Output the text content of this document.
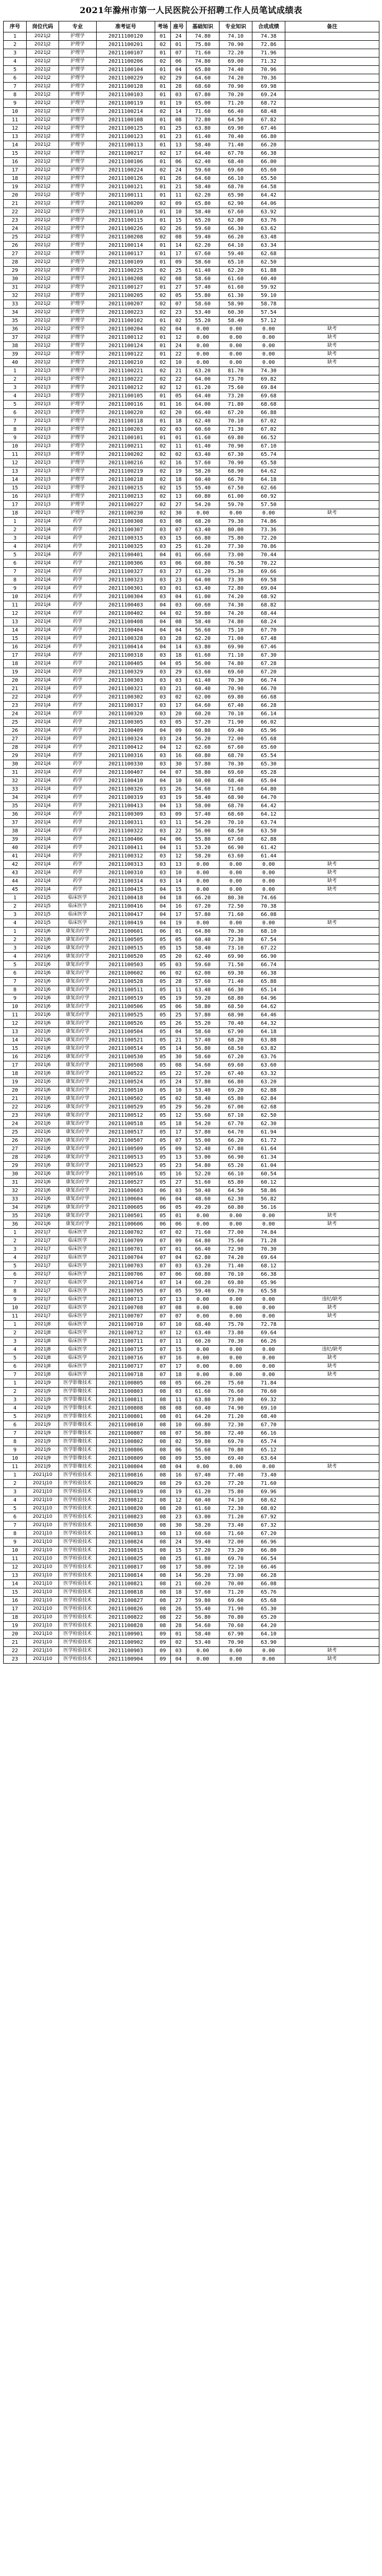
2021年滁州市第一人民医院公开招聘工作人员笔试成绩表
序号	岗位代码	专业	准考证号	考场	座号	基础知识	专业知识	合成成绩	备注
1	2021J2	护理学	20211100120	01	24	74.80	74.10	74.38	
2	2021J2	护理学	20211100201	02	01	75.80	70.90	72.86	
3	2021J2	护理学	20211100107	01	07	71.60	72.20	71.96	
4	2021J2	护理学	20211100206	02	06	74.80	69.00	71.32	
5	2021J2	护理学	20211100104	01	04	65.80	74.40	70.96	
6	2021J2	护理学	20211100229	02	29	64.60	74.20	70.36	
7	2021J2	护理学	20211100128	01	28	68.60	70.90	69.98	
8	2021J2	护理学	20211100103	01	03	67.80	70.20	69.24	
9	2021J2	护理学	20211100119	01	19	65.00	71.20	68.72	
10	2021J2	护理学	20211100214	02	14	71.60	66.40	68.48	
11	2021J2	护理学	20211100108	01	08	72.80	64.50	67.82	
12	2021J2	护理学	20211100125	01	25	63.80	69.90	67.46	
13	2021J2	护理学	20211100123	01	23	61.40	70.40	66.80	
14	2021J2	护理学	20211100113	01	13	58.40	71.40	66.20	
15	2021J2	护理学	20211100217	02	17	64.40	67.70	66.38	
16	2021J2	护理学	20211100106	01	06	62.40	68.40	66.00	
17	2021J2	护理学	20211100224	02	24	59.60	69.60	65.60	
18	2021J2	护理学	20211100126	01	26	64.60	66.10	65.50	
19	2021J2	护理学	20211100121	01	21	58.40	68.70	64.58	
20	2021J2	护理学	20211100111	01	11	62.20	65.90	64.42	
21	2021J2	护理学	20211100209	02	09	65.80	62.90	64.06	
22	2021J2	护理学	20211100110	01	10	58.40	67.60	63.92	
23	2021J2	护理学	20211100115	01	15	65.20	62.80	63.76	
24	2021J2	护理学	20211100226	02	26	59.60	66.30	63.62	
25	2021J2	护理学	20211100208	02	08	59.40	66.20	63.48	
26	2021J2	护理学	20211100114	01	14	62.20	64.10	63.34	
27	2021J2	护理学	20211100117	01	17	67.60	59.40	62.68	
28	2021J2	护理学	20211100109	01	09	58.60	65.10	62.50	
29	2021J2	护理学	20211100225	02	25	61.40	62.20	61.88	
30	2021J2	护理学	20211100208	02	08	58.60	61.60	60.40	
31	2021J2	护理学	20211100127	01	27	57.40	61.60	59.92	
32	2021J2	护理学	20211100205	02	05	55.80	61.30	59.10	
33	2021J2	护理学	20211100207	02	07	58.60	58.90	58.78	
34	2021J2	护理学	20211100223	02	23	53.40	60.30	57.54	
35	2021J2	护理学	20211100102	01	02	55.20	58.40	57.12	
36	2021J2	护理学	20211100204	02	04	0.00	0.00	0.00	缺考
37	2021J2	护理学	20211100112	01	12	0.00	0.00	0.00	缺考
38	2021J2	护理学	20211100124	01	24	0.00	0.00	0.00	缺考
39	2021J2	护理学	20211100122	01	22	0.00	0.00	0.00	缺考
40	2021J2	护理学	20211100210	02	10	0.00	0.00	0.00	缺考
1	2021J3	护理学	20211100221	02	21	63.20	81.70	74.30	
2	2021J3	护理学	20211100222	02	22	64.00	73.70	69.82	
3	2021J3	护理学	20211100212	02	12	61.20	75.60	69.84	
4	2021J3	护理学	20211100105	01	05	64.40	73.20	69.68	
5	2021J3	护理学	20211100116	01	16	64.00	71.80	68.68	
6	2021J3	护理学	20211100220	02	20	66.40	67.20	66.88	
7	2021J3	护理学	20211100118	01	18	62.40	70.10	67.02	
8	2021J3	护理学	20211100203	02	03	60.60	71.30	67.02	
9	2021J3	护理学	20211100101	01	01	61.60	69.80	66.52	
10	2021J3	护理学	20211100211	02	11	61.40	70.90	67.10	
11	2021J3	护理学	20211100202	02	02	63.40	67.30	65.74	
12	2021J3	护理学	20211100216	02	16	57.60	70.90	65.58	
13	2021J3	护理学	20211100219	02	19	58.20	68.90	64.62	
14	2021J3	护理学	20211100218	02	18	60.40	66.70	64.18	
15	2021J3	护理学	20211100215	02	15	55.40	67.50	62.66	
16	2021J3	护理学	20211100213	02	13	60.80	61.00	60.92	
17	2021J3	护理学	20211100227	02	27	54.20	59.70	57.50	
18	2021J3	护理学	20211100230	02	30	0.00	0.00	0.00	缺考
1	2021J4	药学	20211100308	03	08	68.20	79.30	74.86	
2	2021J4	药学	20211100307	03	07	63.40	80.00	73.36	
3	2021J4	药学	20211100315	03	15	66.80	75.80	72.20	
4	2021J4	药学	20211100325	03	25	61.20	77.30	70.86	
5	2021J4	药学	20211100401	04	01	66.60	73.00	70.44	
6	2021J4	药学	20211100306	03	06	60.80	76.50	70.22	
7	2021J4	药学	20211100327	03	27	61.20	75.30	69.66	
8	2021J4	药学	20211100323	03	23	64.00	73.30	69.58	
9	2021J4	药学	20211100301	03	01	63.40	72.80	69.04	
10	2021J4	药学	20211100304	03	04	61.00	74.20	68.92	
11	2021J4	药学	20211100403	04	03	60.60	74.30	68.82	
12	2021J4	药学	20211100402	04	02	59.80	74.20	68.44	
13	2021J4	药学	20211100408	04	08	58.40	74.80	68.24	
14	2021J4	药学	20211100404	04	04	56.60	75.10	67.70	
15	2021J4	药学	20211100328	03	28	62.20	71.00	67.48	
16	2021J4	药学	20211100414	04	14	63.80	69.90	67.46	
17	2021J4	药学	20211100318	03	18	61.60	71.10	67.30	
18	2021J4	药学	20211100405	04	05	56.00	74.80	67.28	
19	2021J4	药学	20211100329	03	29	63.60	69.60	67.20	
20	2021J4	药学	20211100303	03	03	61.40	70.30	66.74	
21	2021J4	药学	20211100321	03	21	60.40	70.90	66.70	
22	2021J4	药学	20211100302	03	02	62.00	69.80	66.68	
23	2021J4	药学	20211100317	03	17	64.60	67.40	66.28	
24	2021J4	药学	20211100320	03	20	60.20	70.10	66.14	
25	2021J4	药学	20211100305	03	05	57.20	71.90	66.02	
26	2021J4	药学	20211100409	04	09	60.80	69.40	65.96	
27	2021J4	药学	20211100324	03	24	56.20	72.00	65.68	
28	2021J4	药学	20211100412	04	12	62.60	67.60	65.60	
29	2021J4	药学	20211100316	03	16	60.80	68.70	65.54	
30	2021J4	药学	20211100330	03	30	57.80	70.30	65.30	
31	2021J4	药学	20211100407	04	07	58.80	69.60	65.28	
32	2021J4	药学	20211100410	04	10	60.00	68.40	65.04	
33	2021J4	药学	20211100326	03	26	54.60	71.60	64.80	
34	2021J4	药学	20211100319	03	19	58.40	68.90	64.70	
35	2021J4	药学	20211100413	04	13	58.00	68.70	64.42	
36	2021J4	药学	20211100309	03	09	57.40	68.60	64.12	
37	2021J4	药学	20211100311	03	11	54.20	70.10	63.74	
38	2021J4	药学	20211100322	03	22	56.00	68.50	63.50	
39	2021J4	药学	20211100406	04	06	55.80	67.60	62.88	
40	2021J4	药学	20211100411	04	11	53.20	66.90	61.42	
41	2021J4	药学	20211100312	03	12	58.20	63.60	61.44	
42	2021J4	药学	20211100313	03	13	0.00	0.00	0.00	缺考
43	2021J4	药学	20211100310	03	10	0.00	0.00	0.00	缺考
44	2021J4	药学	20211100314	03	14	0.00	0.00	0.00	缺考
45	2021J4	药学	20211100415	04	15	0.00	0.00	0.00	缺考
1	2021J5	临床医学	20211100418	04	18	66.20	80.30	74.66	
2	2021J5	临床医学	20211100416	04	16	67.20	72.50	70.38	
3	2021J5	临床医学	20211100417	04	17	57.80	71.60	66.08	
4	2021J5	临床医学	20211100419	04	19	0.00	0.00	0.00	缺考
1	2021J6	康复治疗学	20211100601	06	01	64.80	70.30	68.10	
2	2021J6	康复治疗学	20211100505	05	05	60.40	72.30	67.54	
3	2021J6	康复治疗学	20211100515	05	15	58.40	73.10	67.22	
4	2021J6	康复治疗学	20211100520	05	20	62.40	69.90	66.90	
5	2021J6	康复治疗学	20211100503	05	03	59.60	71.50	66.74	
6	2021J6	康复治疗学	20211100602	06	02	62.00	69.30	66.38	
7	2021J6	康复治疗学	20211100528	05	28	57.60	71.40	65.88	
8	2021J6	康复治疗学	20211100511	05	11	63.40	66.30	65.14	
9	2021J6	康复治疗学	20211100519	05	19	59.20	68.80	64.96	
10	2021J6	康复治疗学	20211100506	05	06	58.80	68.50	64.62	
11	2021J6	康复治疗学	20211100525	05	25	57.80	68.90	64.46	
12	2021J6	康复治疗学	20211100526	05	26	55.20	70.40	64.32	
13	2021J6	康复治疗学	20211100504	05	04	58.60	67.90	64.18	
14	2021J6	康复治疗学	20211100521	05	21	57.40	68.20	63.88	
15	2021J6	康复治疗学	20211100514	05	14	56.80	68.50	63.82	
16	2021J6	康复治疗学	20211100530	05	30	58.60	67.20	63.76	
17	2021J6	康复治疗学	20211100508	05	08	54.60	69.60	63.60	
18	2021J6	康复治疗学	20211100522	05	22	57.20	67.40	63.32	
19	2021J6	康复治疗学	20211100524	05	24	57.80	66.80	63.20	
20	2021J6	康复治疗学	20211100510	05	10	53.40	69.20	62.88	
21	2021J6	康复治疗学	20211100502	05	02	58.40	65.80	62.84	
22	2021J6	康复治疗学	20211100529	05	29	56.20	67.00	62.68	
23	2021J6	康复治疗学	20211100512	05	12	55.60	67.10	62.50	
24	2021J6	康复治疗学	20211100518	05	18	54.20	67.70	62.30	
25	2021J6	康复治疗学	20211100517	05	17	57.80	64.70	61.94	
26	2021J6	康复治疗学	20211100507	05	07	55.00	66.20	61.72	
27	2021J6	康复治疗学	20211100509	05	09	52.40	67.80	61.64	
28	2021J6	康复治疗学	20211100513	05	13	53.00	66.90	61.34	
29	2021J6	康复治疗学	20211100523	05	23	54.80	65.20	61.04	
30	2021J6	康复治疗学	20211100516	05	16	52.20	66.10	60.54	
31	2021J6	康复治疗学	20211100527	05	27	51.60	65.80	60.12	
32	2021J6	康复治疗学	20211100603	06	03	50.40	64.50	58.86	
33	2021J6	康复治疗学	20211100604	06	04	48.60	62.30	56.82	
34	2021J6	康复治疗学	20211100605	06	05	49.20	60.80	56.16	
35	2021J6	康复治疗学	20211100501	05	01	0.00	0.00	0.00	缺考
36	2021J6	康复治疗学	20211100606	06	06	0.00	0.00	0.00	缺考
1	2021J7	临床医学	20211100702	07	02	71.60	77.00	74.84	
2	2021J7	临床医学	20211100709	07	09	64.80	75.60	71.28	
3	2021J7	临床医学	20211100701	07	01	66.40	72.90	70.30	
4	2021J7	临床医学	20211100704	07	04	62.80	74.20	69.64	
5	2021J7	临床医学	20211100703	07	03	63.20	71.40	68.12	
6	2021J7	临床医学	20211100706	07	06	60.80	70.10	66.38	
7	2021J7	临床医学	20211100714	07	14	60.20	69.80	65.96	
8	2021J7	临床医学	20211100705	07	05	59.40	69.70	65.58	
9	2021J7	临床医学	20211100713	07	13	0.00	0.00	0.00	违纪/缺考
10	2021J7	临床医学	20211100708	07	08	0.00	0.00	0.00	缺考
11	2021J7	临床医学	20211100707	07	07	0.00	0.00	0.00	缺考
1	2021J8	临床医学	20211100710	07	10	68.40	75.70	72.78	
2	2021J8	临床医学	20211100712	07	12	63.40	73.80	69.64	
3	2021J8	临床医学	20211100711	07	11	60.20	70.30	66.26	
4	2021J8	临床医学	20211100715	07	15	0.00	0.00	0.00	违纪/缺考
5	2021J8	临床医学	20211100716	07	16	0.00	0.00	0.00	缺考
6	2021J8	临床医学	20211100717	07	17	0.00	0.00	0.00	缺考
7	2021J8	临床医学	20211100718	07	18	0.00	0.00	0.00	缺考
1	2021J9	医学影像技术	20211100805	08	05	66.20	75.60	71.84	
2	2021J9	医学影像技术	20211100803	08	03	61.60	76.60	70.60	
3	2021J9	医学影像技术	20211100811	08	11	63.80	73.00	69.32	
4	2021J9	医学影像技术	20211100808	08	08	60.40	74.90	69.10	
5	2021J9	医学影像技术	20211100801	08	01	64.20	71.20	68.40	
6	2021J9	医学影像技术	20211100810	08	10	60.80	72.30	67.70	
7	2021J9	医学影像技术	20211100807	08	07	56.80	72.40	66.16	
8	2021J9	医学影像技术	20211100802	08	02	59.80	69.70	65.74	
9	2021J9	医学影像技术	20211100806	08	06	56.60	70.80	65.12	
10	2021J9	医学影像技术	20211100809	08	09	55.00	69.40	63.64	
11	2021J9	医学影像技术	20211100804	08	04	0.00	0.00	0.00	缺考
1	2021J10	医学检验技术	20211100816	08	16	67.40	77.40	73.40	
2	2021J10	医学检验技术	20211100829	08	29	63.20	77.20	71.60	
3	2021J10	医学检验技术	20211100819	08	19	61.20	75.80	69.96	
4	2021J10	医学检验技术	20211100812	08	12	60.40	74.10	68.62	
5	2021J10	医学检验技术	20211100820	08	20	61.60	72.30	68.02	
6	2021J10	医学检验技术	20211100823	08	23	63.00	71.20	67.92	
7	2021J10	医学检验技术	20211100830	08	30	58.20	73.40	67.32	
8	2021J10	医学检验技术	20211100813	08	13	60.60	71.60	67.20	
9	2021J10	医学检验技术	20211100824	08	24	59.40	72.00	66.96	
10	2021J10	医学检验技术	20211100815	08	15	57.20	73.20	66.80	
11	2021J10	医学检验技术	20211100825	08	25	61.80	69.70	66.54	
12	2021J10	医学检验技术	20211100817	08	17	58.00	72.10	66.46	
13	2021J10	医学检验技术	20211100814	08	14	56.20	73.00	66.28	
14	2021J10	医学检验技术	20211100821	08	21	60.20	70.00	66.08	
15	2021J10	医学检验技术	20211100818	08	18	57.60	71.20	65.76	
16	2021J10	医学检验技术	20211100827	08	27	59.80	69.60	65.68	
17	2021J10	医学检验技术	20211100826	08	26	55.40	71.90	65.30	
18	2021J10	医学检验技术	20211100822	08	22	56.80	70.80	65.20	
19	2021J10	医学检验技术	20211100828	08	28	54.60	70.60	64.20	
20	2021J10	医学检验技术	20211100901	09	01	58.40	67.90	64.10	
21	2021J10	医学检验技术	20211100902	09	02	53.40	70.90	63.90	
22	2021J10	医学检验技术	20211100903	09	03	0.00	0.00	0.00	缺考
23	2021J10	医学检验技术	20211100904	09	04	0.00	0.00	0.00	缺考
